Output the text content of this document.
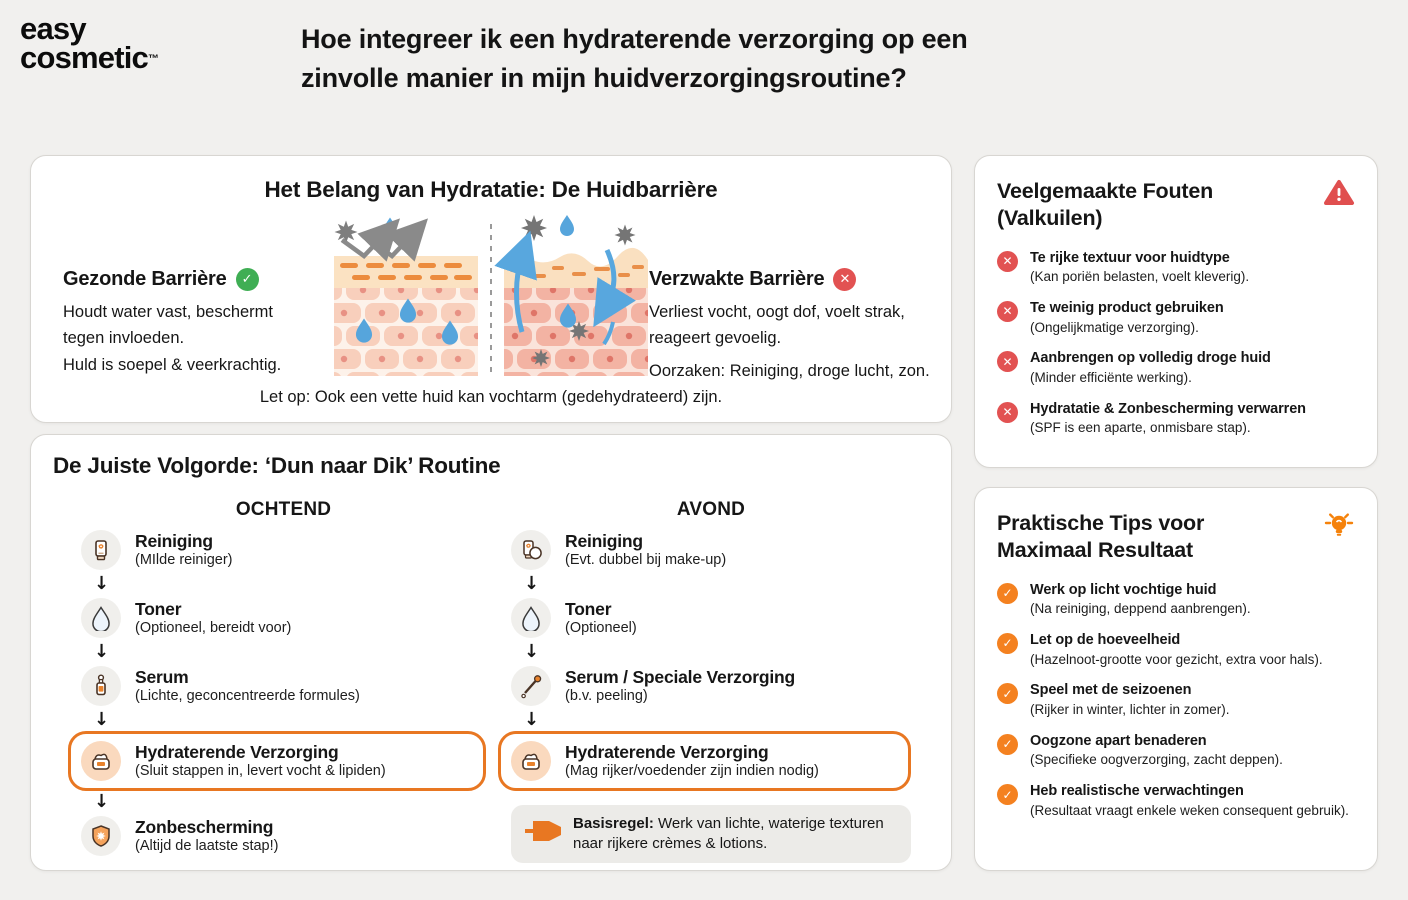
easy
cosmetic™
Hoe integreer ik een hydraterende verzorging op een
zinvolle manier in mijn huidverzorgingsroutine?
Het Belang van Hydratatie: De Huidbarrière
Gezonde Barrière	✓
Houdt water vast, beschermt
tegen invloeden.
Huld is soepel & veerkrachtig.
Verzwakte Barrière	✕
Verliest vocht, oogt dof, voelt strak,
reageert gevoelig.
Oorzaken: Reiniging, droge lucht, zon.
Let op: Ook een vette huid kan vochtarm (gedehydrateerd) zijn.
De Juiste Volgorde: ‘Dun naar Dik’ Routine
OCHTEND
Reiniging
(MIlde reiniger)
↓
Toner
(Optioneel, bereidt voor)
↓
Serum
(Lichte, geconcentreerde formules)
↓
Hydraterende Verzorging
(Sluit stappen in, levert vocht & lipiden)
↓
Zonbescherming
(Altijd de laatste stap!)
AVOND
Reiniging
(Evt. dubbel bij make-up)
↓
Toner
(Optioneel)
↓
Serum / Speciale Verzorging
(b.v. peeling)
↓
Hydraterende Verzorging
(Mag rijker/voedender zijn indien nodig)
Basisregel: Werk van lichte, waterige texturen naar rijkere crèmes & lotions.
Veelgemaakte Fouten
(Valkuilen)
✕	Te rijke textuur voor huidtype
(Kan poriën belasten, voelt kleverig).
✕	Te weinig product gebruiken
(Ongelijkmatige verzorging).
✕	Aanbrengen op volledig droge huid
(Minder efficiënte werking).
✕	Hydratatie & Zonbescherming verwarren
(SPF is een aparte, onmisbare stap).
Praktische Tips voor
Maximaal Resultaat
✓	Werk op licht vochtige huid
(Na reiniging, deppend aanbrengen).
✓	Let op de hoeveelheid
(Hazelnoot-grootte voor gezicht, extra voor hals).
✓	Speel met de seizoenen
(Rijker in winter, lichter in zomer).
✓	Oogzone apart benaderen
(Specifieke oogverzorging, zacht deppen).
✓	Heb realistische verwachtingen
(Resultaat vraagt enkele weken consequent gebruik).
